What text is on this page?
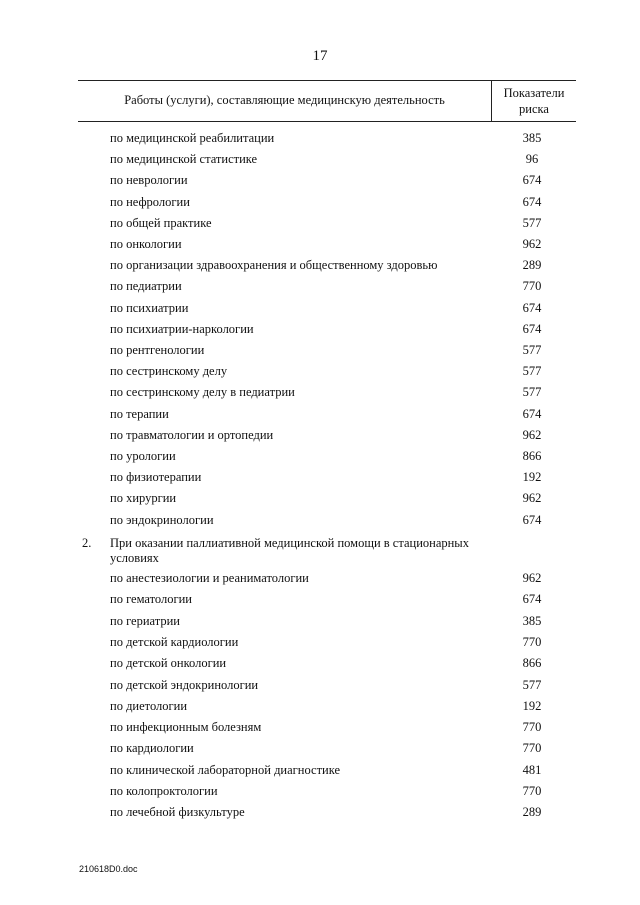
17
Работы (услуги), составляющие медицинскую деятельность	Показатели
риска
по медицинской реабилитации	385
по медицинской статистике	96
по неврологии	674
по нефрологии	674
по общей практике	577
по онкологии	962
по организации здравоохранения и общественному здоровью	289
по педиатрии	770
по психиатрии	674
по психиатрии-наркологии	674
по рентгенологии	577
по сестринскому делу	577
по сестринскому делу в педиатрии	577
по терапии	674
по травматологии и ортопедии	962
по урологии	866
по физиотерапии	192
по хирургии	962
по эндокринологии	674
2. При оказании паллиативной медицинской помощи в стационарных условиях
по анестезиологии и реаниматологии	962
по гематологии	674
по гериатрии	385
по детской кардиологии	770
по детской онкологии	866
по детской эндокринологии	577
по диетологии	192
по инфекционным болезням	770
по кардиологии	770
по клинической лабораторной диагностике	481
по колопроктологии	770
по лечебной физкультуре	289
210618D0.doc
